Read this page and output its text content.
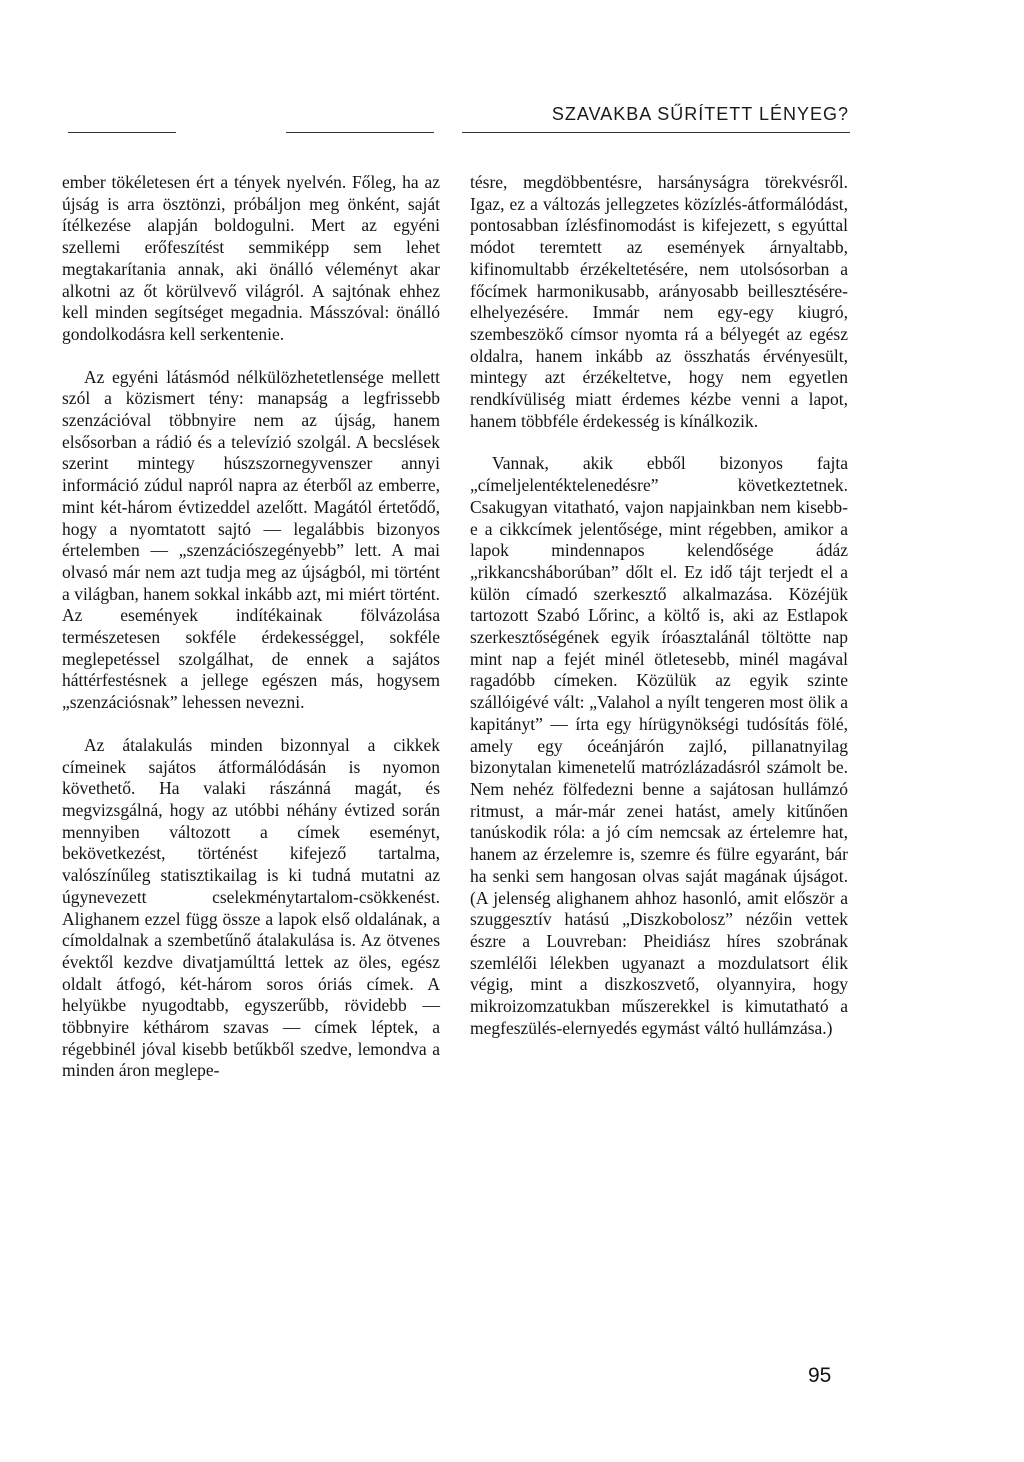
SZAVAKBA SŰRÍTETT LÉNYEG?

ember tökéletesen ért a tények nyelvén. Főleg, ha az újság is arra ösztönzi, próbáljon meg önként, saját ítélkezése alapján boldogulni. Mert az egyéni szellemi erőfeszítést semmiképp sem lehet megtakarítania annak, aki önálló véleményt akar alkotni az őt körülvevő világról. A sajtónak ehhez kell minden segítséget megadnia. Másszóval: önálló gondolkodásra kell serkentenie.

Az egyéni látásmód nélkülözhetetlensége mellett szól a közismert tény: manapság a legfrissebb szenzációval többnyire nem az újság, hanem elsősorban a rádió és a televízió szolgál. A becslések szerint mintegy húszszornegyvenszer annyi információ zúdul napról napra az éterből az emberre, mint két-három évtizeddel azelőtt. Magától értetődő, hogy a nyomtatott sajtó — legalábbis bizonyos értelemben — „szenzációszegényebb” lett. A mai olvasó már nem azt tudja meg az újságból, mi történt a világban, hanem sokkal inkább azt, mi miért történt. Az események indítékainak fölvázolása természetesen sokféle érdekességgel, sokféle meglepetéssel szolgálhat, de ennek a sajátos háttérfestésnek a jellege egészen más, hogysem „szenzációsnak” lehessen nevezni.

Az átalakulás minden bizonnyal a cikkek címeinek sajátos átformálódásán is nyomon követhető. Ha valaki rászánná magát, és megvizsgálná, hogy az utóbbi néhány évtized során mennyiben változott a címek eseményt, bekövetkezést, történést kifejező tartalma, valószínűleg statisztikailag is ki tudná mutatni az úgynevezett cselekménytartalom-csökkenést. Alighanem ezzel függ össze a lapok első oldalának, a címoldalnak a szembetűnő átalakulása is. Az ötvenes évektől kezdve divatjamúlttá lettek az öles, egész oldalt átfogó, két-három soros óriás címek. A helyükbe nyugodtabb, egyszerűbb, rövidebb — többnyire kéthárom szavas — címek léptek, a régebbinél jóval kisebb betűkből szedve, lemondva a minden áron meglepe-

tésre, megdöbbentésre, harsányságra törekvésről. Igaz, ez a változás jellegzetes közízlés-átformálódást, pontosabban ízlésfinomodást is kifejezett, s egyúttal módot teremtett az események árnyaltabb, kifinomultabb érzékeltetésére, nem utolsósorban a főcímek harmonikusabb, arányosabb beillesztésére-elhelyezésére. Immár nem egy-egy kiugró, szembeszökő címsor nyomta rá a bélyegét az egész oldalra, hanem inkább az összhatás érvényesült, mintegy azt érzékeltetve, hogy nem egyetlen rendkívüliség miatt érdemes kézbe venni a lapot, hanem többféle érdekesség is kínálkozik.

Vannak, akik ebből bizonyos fajta „címeljelentéktelenedésre” következtetnek. Csakugyan vitatható, vajon napjainkban nem kisebb-e a cikkcímek jelentősége, mint régebben, amikor a lapok mindennapos kelendősége ádáz „rikkancsháborúban” dőlt el. Ez idő tájt terjedt el a külön címadó szerkesztő alkalmazása. Közéjük tartozott Szabó Lőrinc, a költő is, aki az Estlapok szerkesztőségének egyik íróasztalánál töltötte nap mint nap a fejét minél ötletesebb, minél magával ragadóbb címeken. Közülük az egyik szinte szállóigévé vált: „Valahol a nyílt tengeren most ölik a kapitányt” — írta egy hírügynökségi tudósítás fölé, amely egy óceánjárón zajló, pillanatnyilag bizonytalan kimenetelű matrózlázadásról számolt be. Nem nehéz fölfedezni benne a sajátosan hullámzó ritmust, a már-már zenei hatást, amely kitűnően tanúskodik róla: a jó cím nemcsak az értelemre hat, hanem az érzelemre is, szemre és fülre egyaránt, bár ha senki sem hangosan olvas saját magának újságot. (A jelenség alighanem ahhoz hasonló, amit először a szuggesztív hatású „Diszkobolosz” nézőin vettek észre a Louvreban: Pheidiász híres szobrának szemlélői lélekben ugyanazt a mozdulatsort élik végig, mint a diszkoszvető, olyannyira, hogy mikroizomzatukban műszerekkel is kimutatható a megfeszülés-elernyedés egymást váltó hullámzása.)

95
